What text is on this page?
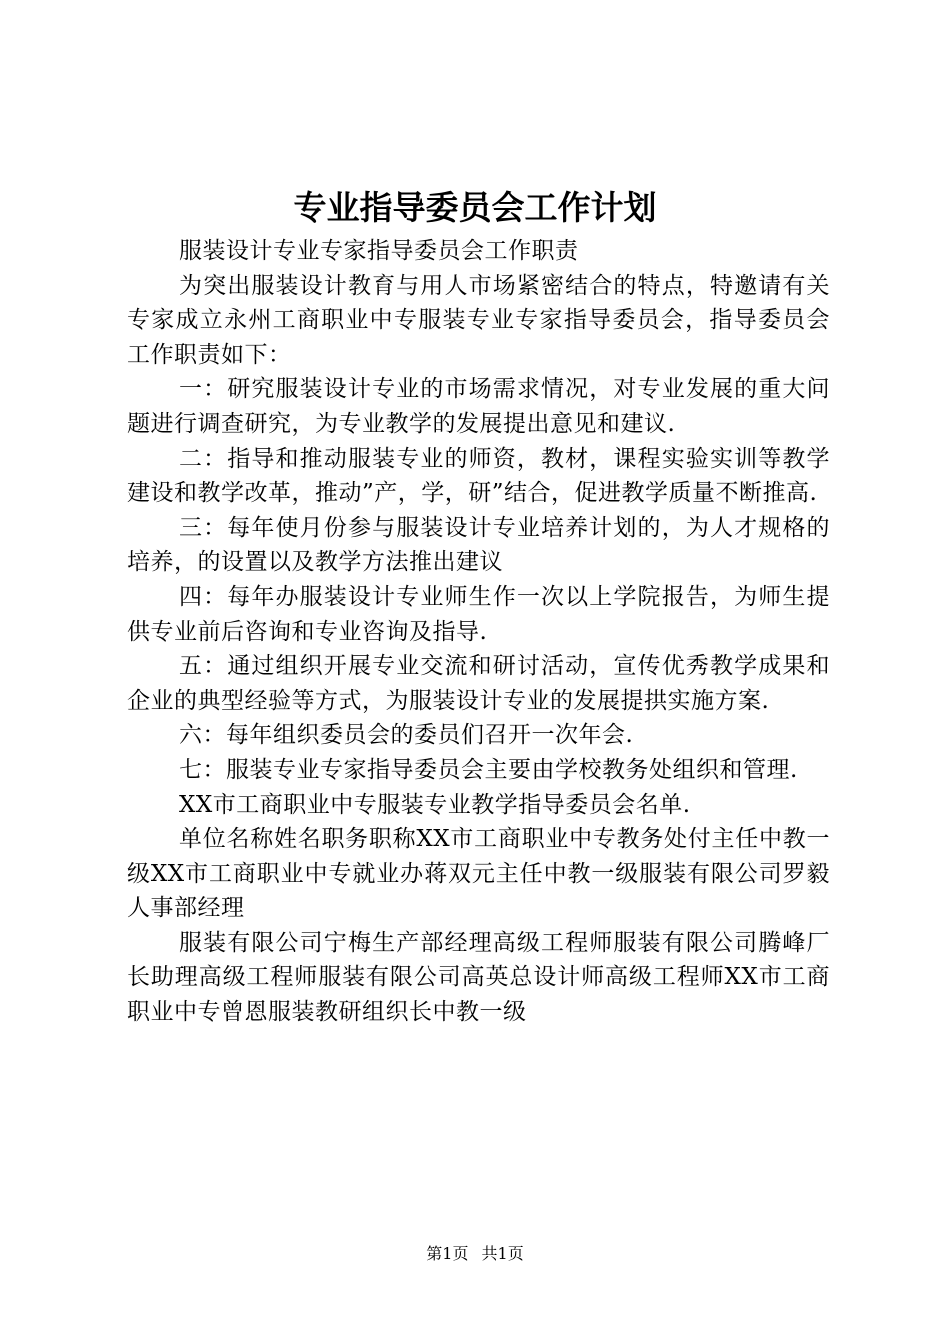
专业指导委员会工作计划

服装设计专业专家指导委员会工作职责

为突出服装设计教育与用人市场紧密结合的特点，特邀请有关专家成立永州工商职业中专服装专业专家指导委员会，指导委员会工作职责如下：

一：研究服装设计专业的市场需求情况，对专业发展的重大问题进行调查研究，为专业教学的发展提出意见和建议.

二：指导和推动服装专业的师资，教材，课程实验实训等教学建设和教学改革，推动”产，学，研”结合，促进教学质量不断推高.

三：每年使月份参与服装设计专业培养计划的，为人才规格的培养，的设置以及教学方法推出建议

四：每年办服装设计专业师生作一次以上学院报告，为师生提供专业前后咨询和专业咨询及指导.

五：通过组织开展专业交流和研讨活动，宣传优秀教学成果和企业的典型经验等方式，为服装设计专业的发展提拱实施方案.

六：每年组织委员会的委员们召开一次年会.

七：服装专业专家指导委员会主要由学校教务处组织和管理.

XX市工商职业中专服装专业教学指导委员会名单.

单位名称姓名职务职称XX市工商职业中专教务处付主任中教一级XX市工商职业中专就业办蒋双元主任中教一级服装有限公司罗毅人事部经理

服装有限公司宁梅生产部经理高级工程师服装有限公司腾峰厂长助理高级工程师服装有限公司高英总设计师高级工程师XX市工商职业中专曾恩服装教研组织长中教一级

第1页 共1页
